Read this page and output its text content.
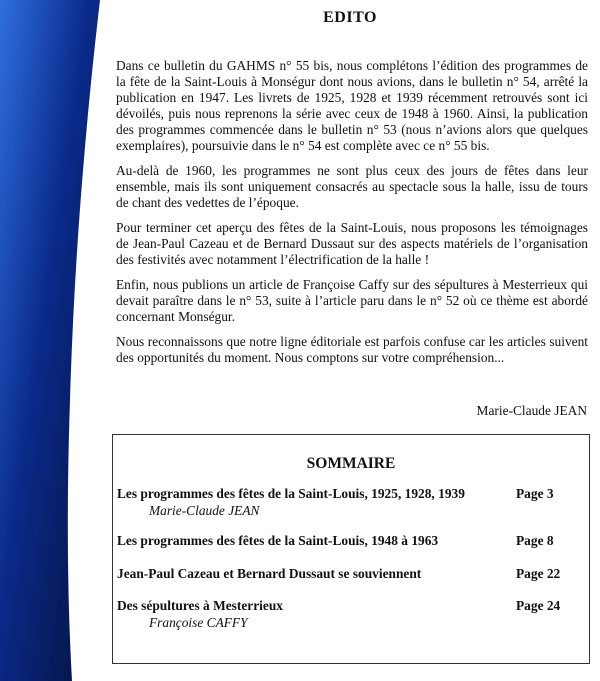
EDITO

Dans ce bulletin du GAHMS n° 55 bis, nous complétons l’édition des programmes de la fête de la Saint-Louis à Monségur dont nous avions, dans le bulletin n° 54, arrêté la publication en 1947. Les livrets de 1925, 1928 et 1939 récemment retrouvés sont ici dévoilés, puis nous reprenons la série avec ceux de 1948 à 1960. Ainsi, la publication des programmes commencée dans le bulletin n° 53 (nous n’avions alors que quelques exemplaires), poursuivie dans le n° 54 est complète avec ce n° 55 bis.

Au-delà de 1960, les programmes ne sont plus ceux des jours de fêtes dans leur ensemble, mais ils sont uniquement consacrés au spectacle sous la halle, issu de tours de chant des vedettes de l’époque.

Pour terminer cet aperçu des fêtes de la Saint-Louis, nous proposons les témoignages de Jean-Paul Cazeau et de Bernard Dussaut sur des aspects matériels de l’organisation des festivités avec notamment l’électrification de la halle !

Enfin, nous publions un article de Françoise Caffy sur des sépultures à Mesterrieux qui devait paraître dans le n° 53, suite à l’article paru dans le n° 52 où ce thème est abordé concernant Monségur.

Nous reconnaissons que notre ligne éditoriale est parfois confuse car les articles suivent des opportunités du moment. Nous comptons sur votre compréhension...

Marie-Claude JEAN
SOMMAIRE
Les programmes des fêtes de la Saint-Louis, 1925, 1928, 1939	Page 3
Marie-Claude JEAN
Les programmes des fêtes de la Saint-Louis, 1948 à 1963	Page 8
Jean-Paul Cazeau et Bernard Dussaut se souviennent	Page 22
Des sépultures à Mesterrieux	Page 24
Françoise CAFFY
